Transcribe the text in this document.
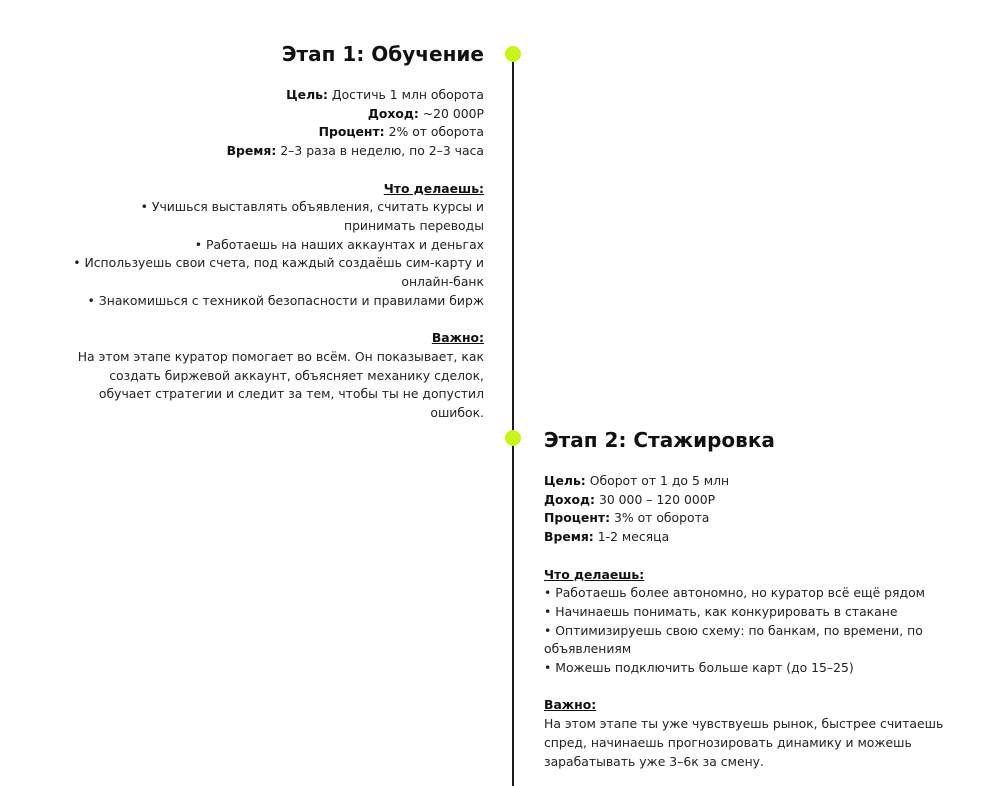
Этап 1: Обучение

Цель: Достичь 1 млн оборота

Доход: ~20 000Р

Процент: 2% от оборота

Время: 2–3 раза в неделю, по 2–3 часа

Что делаешь:

• Учишься выставлять объявления, считать курсы и принимать переводы
• Работаешь на наших аккаунтах и деньгах
• Используешь свои счета, под каждый создаёшь сим-карту и онлайн-банк
• Знакомишься с техникой безопасности и правилами бирж

Важно:

На этом этапе куратор помогает во всём. Он показывает, как создать биржевой аккаунт, объясняет механику сделок, обучает стратегии и следит за тем, чтобы ты не допустил ошибок.

Этап 2: Стажировка

Цель: Оборот от 1 до 5 млн

Доход: 30 000 – 120 000Р

Процент: 3% от оборота

Время: 1-2 месяца

Что делаешь:

• Работаешь более автономно, но куратор всё ещё рядом
• Начинаешь понимать, как конкурировать в стакане
• Оптимизируешь свою схему: по банкам, по времени, по объявлениям
• Можешь подключить больше карт (до 15–25)

Важно:

На этом этапе ты уже чувствуешь рынок, быстрее считаешь спред, начинаешь прогнозировать динамику и можешь зарабатывать уже 3–6к за смену.
